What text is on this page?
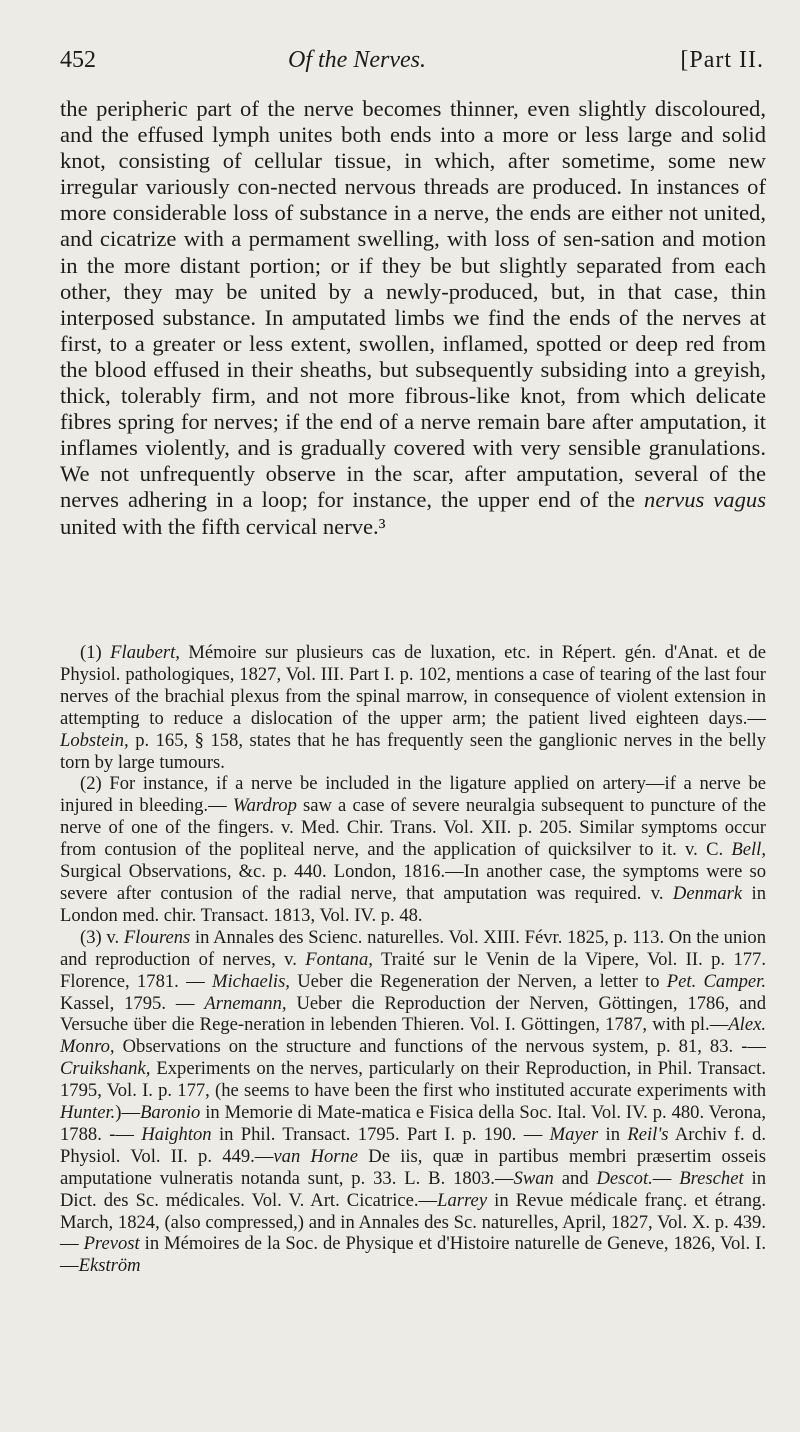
452	Of the Nerves.	[Part II.

the peripheric part of the nerve becomes thinner, even slightly discoloured, and the effused lymph unites both ends into a more or less large and solid knot, consisting of cellular tissue, in which, after sometime, some new irregular variously con-nected nervous threads are produced. In instances of more considerable loss of substance in a nerve, the ends are either not united, and cicatrize with a permament swelling, with loss of sen-sation and motion in the more distant portion; or if they be but slightly separated from each other, they may be united by a newly-produced, but, in that case, thin interposed substance. In amputated limbs we find the ends of the nerves at first, to a greater or less extent, swollen, inflamed, spotted or deep red from the blood effused in their sheaths, but subsequently subsiding into a greyish, thick, tolerably firm, and not more fibrous-like knot, from which delicate fibres spring for nerves; if the end of a nerve remain bare after amputation, it inflames violently, and is gradually covered with very sensible granulations. We not unfrequently observe in the scar, after amputation, several of the nerves adhering in a loop; for instance, the upper end of the nervus vagus united with the fifth cervical nerve.³

(1) Flaubert, Mémoire sur plusieurs cas de luxation, etc. in Répert. gén. d'Anat. et de Physiol. pathologiques, 1827, Vol. III. Part I. p. 102, mentions a case of tearing of the last four nerves of the brachial plexus from the spinal marrow, in consequence of violent extension in attempting to reduce a dislocation of the upper arm; the patient lived eighteen days.—Lobstein, p. 165, § 158, states that he has frequently seen the ganglionic nerves in the belly torn by large tumours.

(2) For instance, if a nerve be included in the ligature applied on artery—if a nerve be injured in bleeding.— Wardrop saw a case of severe neuralgia subsequent to puncture of the nerve of one of the fingers. v. Med. Chir. Trans. Vol. XII. p. 205. Similar symptoms occur from contusion of the popliteal nerve, and the application of quicksilver to it. v. C. Bell, Surgical Observations, &c. p. 440. London, 1816.—In another case, the symptoms were so severe after contusion of the radial nerve, that amputation was required. v. Denmark in London med. chir. Transact. 1813, Vol. IV. p. 48.

(3) v. Flourens in Annales des Scienc. naturelles. Vol. XIII. Févr. 1825, p. 113. On the union and reproduction of nerves, v. Fontana, Traité sur le Venin de la Vipere, Vol. II. p. 177. Florence, 1781. — Michaelis, Ueber die Regeneration der Nerven, a letter to Pet. Camper. Kassel, 1795. — Arnemann, Ueber die Reproduction der Nerven, Göttingen, 1786, and Versuche über die Rege-neration in lebenden Thieren. Vol. I. Göttingen, 1787, with pl.—Alex. Monro, Observations on the structure and functions of the nervous system, p. 81, 83. -—Cruikshank, Experiments on the nerves, particularly on their Reproduction, in Phil. Transact. 1795, Vol. I. p. 177, (he seems to have been the first who instituted accurate experiments with Hunter.)—Baronio in Memorie di Mate-matica e Fisica della Soc. Ital. Vol. IV. p. 480. Verona, 1788. -— Haighton in Phil. Transact. 1795. Part I. p. 190. — Mayer in Reil's Archiv f. d. Physiol. Vol. II. p. 449.—van Horne De iis, quæ in partibus membri præsertim osseis amputatione vulneratis notanda sunt, p. 33. L. B. 1803.—Swan and Descot.— Breschet in Dict. des Sc. médicales. Vol. V. Art. Cicatrice.—Larrey in Revue médicale franç. et étrang. March, 1824, (also compressed,) and in Annales des Sc. naturelles, April, 1827, Vol. X. p. 439. — Prevost in Mémoires de la Soc. de Physique et d'Histoire naturelle de Geneve, 1826, Vol. I.—Ekström
